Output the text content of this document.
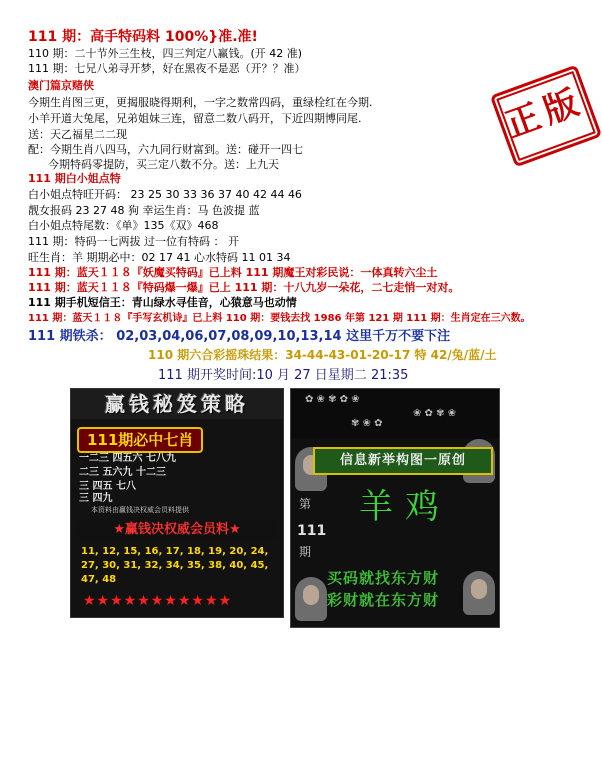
111 期：高手特码料 100%}准.准!
110 期：二十节外三生枝，四三判定八赢钱。(开 42 准)
111 期：七兄八弟寻开梦，好在黑夜不是恶（开？？准）
澳门篇京赌侠
今期生肖图三更，更揭服晓得期利，一字之数常四码，重绿栓红在今期.
小羊开道大兔尾，兄弟姐妹三连，留意二数八码开，下近四期博同尾.
送：天乙福星二二现
配：今期生肖八四马，六九同行财富到。送：碰开一四七
今期特码零提防，买三定八数不分。送：上九天
111 期白小姐点特
白小姐点特旺开码： 23 25 30 33 36 37 40 42 44 46
靓女报码 23 27 48 狗 幸运生肖：马 色波提 蓝
白小姐点特尾数：《单》135《双》468
111 期：特码一七两拔 过一位有特码 ： 开
旺生肖：羊 期期必中：02 17 41 心水特码 11 01 34
111 期：蓝天１１８『妖魔买特码』已上料 111 期魔王对彩民说：一体真转六尘土
111 期：蓝天１１８『特码爆一爆』已上 111 期：十八九岁一朵花，二七走悄一对对。
111 期手机短信王：青山绿水寻佳音，心猿意马也动情
111 期：蓝天１１８『手写玄机诗』已上料 110 期：要钱去找 1986 年第 121 期 111 期：生肖定在三六数。
111 期铁杀： 02,03,04,06,07,08,09,10,13,14 这里千万不要下注
110 期六合彩摇珠结果：34-44-43-01-20-17 特 42/兔/蓝/土
111 期开奖时间:10 月 27 日星期二 21:35
正版
赢钱秘笈策略
111期必中七肖
一二三 四五六 七八九
二三 五六九 十二三
三 四五 七八
三 四九
本资料由赢钱决权威会员料提供
★赢钱决权威会员料★
11, 12, 15, 16, 17, 18, 19, 20, 24, 27, 30, 31, 32, 34, 35, 38, 40, 45, 47, 48
★★★★★★★★★★★
✿ ❀ ✾ ✿ ❀
❀ ✿ ✾ ❀
✾ ❀ ✿
信息新举构图一原创
第
111
期
羊鸡
买码就找东方财
彩财就在东方财
